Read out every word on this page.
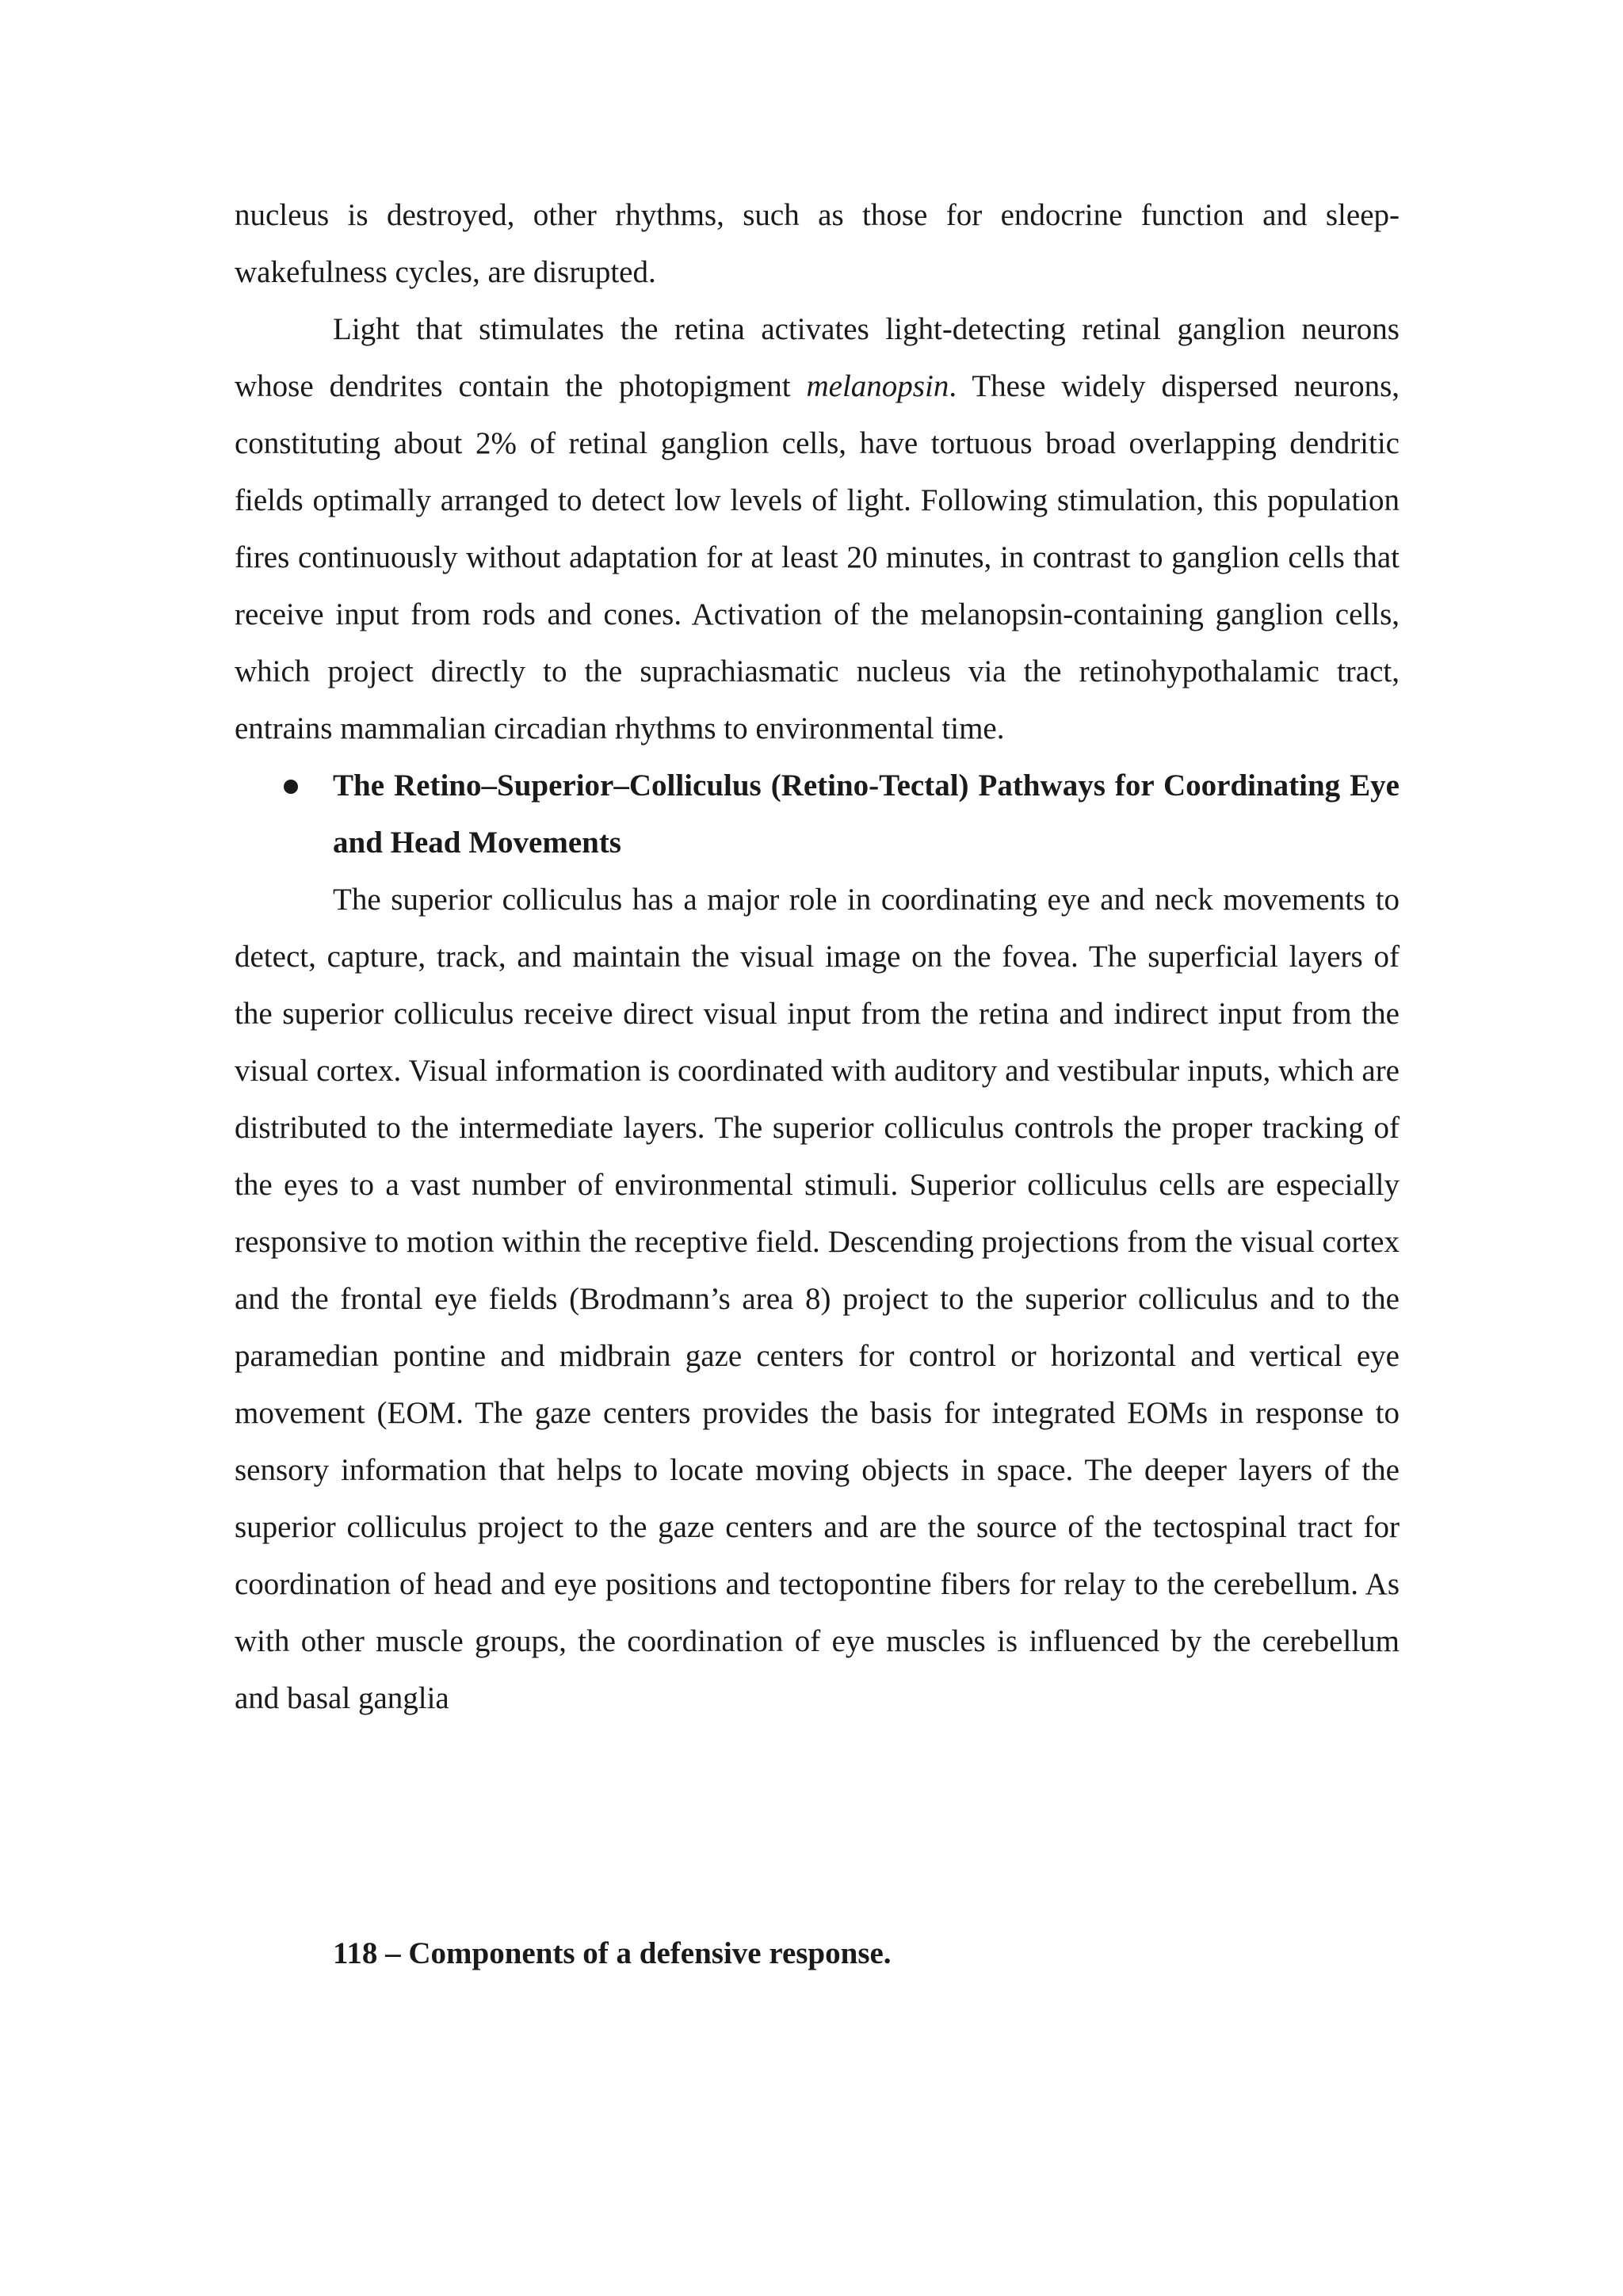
nucleus is destroyed, other rhythms, such as those for endocrine function and sleep-wakefulness cycles, are disrupted.

Light that stimulates the retina activates light-detecting retinal ganglion neurons whose dendrites contain the photopigment melanopsin. These widely dispersed neurons, constituting about 2% of retinal ganglion cells, have tortuous broad overlapping dendritic fields optimally arranged to detect low levels of light. Following stimulation, this population fires continuously without adaptation for at least 20 minutes, in contrast to ganglion cells that receive input from rods and cones. Activation of the melanopsin-containing ganglion cells, which project directly to the suprachiasmatic nucleus via the retinohypothalamic tract, entrains mammalian circadian rhythms to environmental time.

The Retino–Superior–Colliculus (Retino-Tectal) Pathways for Coordinating Eye and Head Movements

The superior colliculus has a major role in coordinating eye and neck movements to detect, capture, track, and maintain the visual image on the fovea. The superficial layers of the superior colliculus receive direct visual input from the retina and indirect input from the visual cortex. Visual information is coordinated with auditory and vestibular inputs, which are distributed to the intermediate layers. The superior colliculus controls the proper tracking of the eyes to a vast number of environmental stimuli. Superior colliculus cells are especially responsive to motion within the receptive field. Descending projections from the visual cortex and the frontal eye fields (Brodmann’s area 8) project to the superior colliculus and to the paramedian pontine and midbrain gaze centers for control or horizontal and vertical eye movement (EOM. The gaze centers provides the basis for integrated EOMs in response to sensory information that helps to locate moving objects in space. The deeper layers of the superior colliculus project to the gaze centers and are the source of the tectospinal tract for coordination of head and eye positions and tectopontine fibers for relay to the cerebellum. As with other muscle groups, the coordination of eye muscles is influenced by the cerebellum and basal ganglia

118 – Components of a defensive response.
